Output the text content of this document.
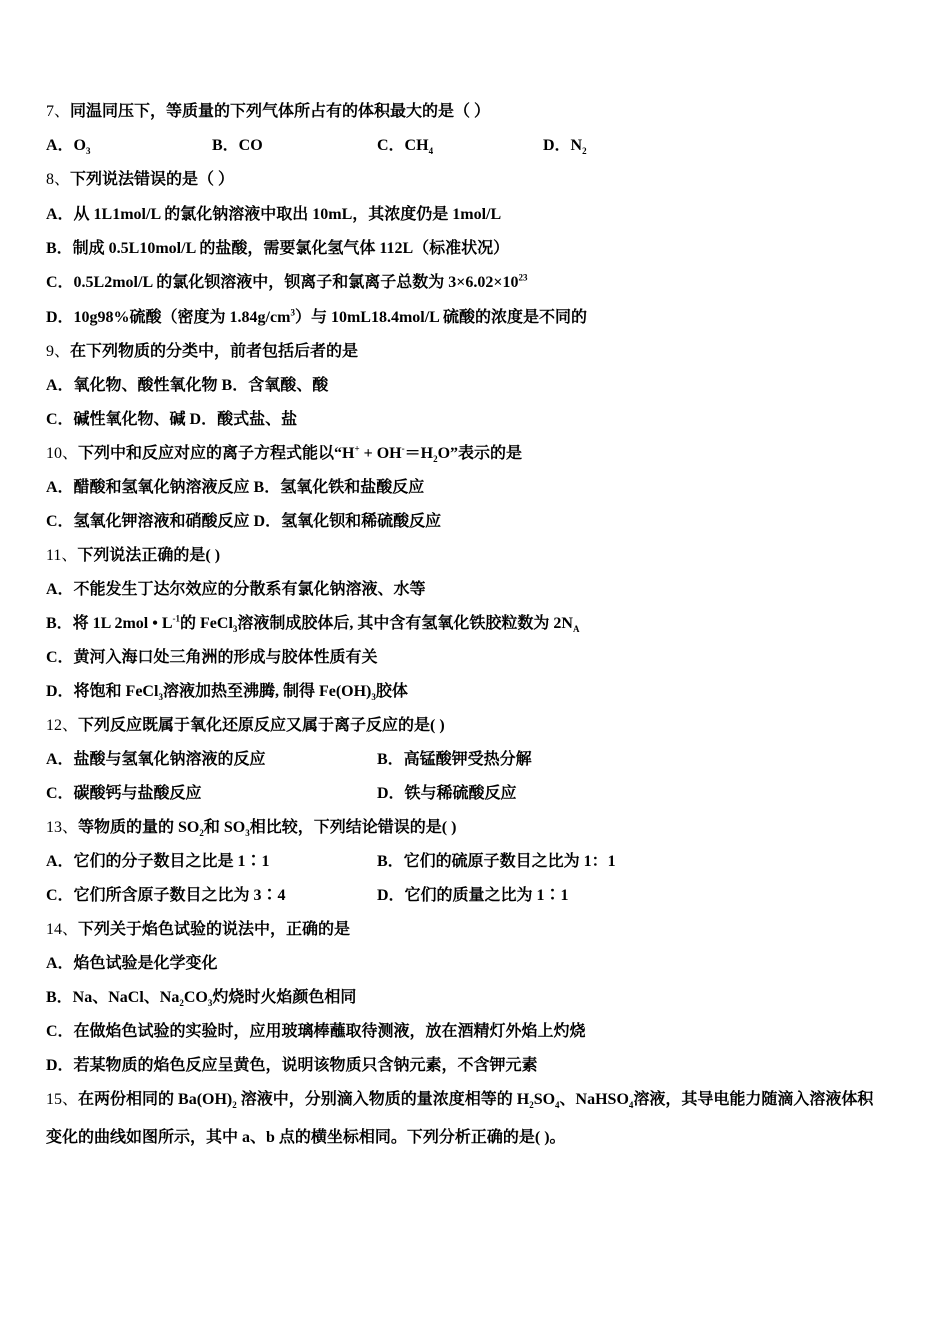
7、同温同压下，等质量的下列气体所占有的体积最大的是（ ）
A．$O_3$	B．CO	C．$CH_4$	D．$N_2$
8、下列说法错误的是（ ）
A．从 1L1mol/L 的氯化钠溶液中取出 10mL，其浓度仍是 1mol/L
B．制成 0.5L10mol/L 的盐酸，需要氯化氢气体 112L（标准状况）
C．0.5L2mol/L 的氯化钡溶液中，钡离子和氯离子总数为 $3\times 6.02\times 10^{23}$
D．10g98%硫酸（密度为 $1.84g/cm^3$）与 10mL18.4mol/L 硫酸的浓度是不同的
9、在下列物质的分类中，前者包括后者的是
A．氧化物、酸性氧化物 B．含氧酸、酸
C．碱性氧化物、碱 D．酸式盐、盐
10、下列中和反应对应的离子方程式能以“$H^+ + OH^-=H_2O$”表示的是
A．醋酸和氢氧化钠溶液反应 B．氢氧化铁和盐酸反应
C．氢氧化钾溶液和硝酸反应 D．氢氧化钡和稀硫酸反应
11、下列说法正确的是( )
A．不能发生丁达尔效应的分散系有氯化钠溶液、水等
B．将 1L 2mol • $L^{-1}$的 FeCl$_3$溶液制成胶体后, 其中含有氢氧化铁胶粒数为 $2N_A$
C．黄河入海口处三角洲的形成与胶体性质有关
D．将饱和 FeCl$_3$溶液加热至沸腾, 制得 $Fe(OH)_3$胶体
12、下列反应既属于氧化还原反应又属于离子反应的是( )
A．盐酸与氢氧化钠溶液的反应	B．高锰酸钾受热分解
C．碳酸钙与盐酸反应	D．铁与稀硫酸反应
13、等物质的量的 $SO_2$和 $SO_3$相比较，下列结论错误的是( )
A．它们的分子数目之比是 1∶1	B．它们的硫原子数目之比为 1：1
C．它们所含原子数目之比为 3∶4	D．它们的质量之比为 1∶1
14、下列关于焰色试验的说法中，正确的是
A．焰色试验是化学变化
B．Na、NaCl、$Na_2CO_3$灼烧时火焰颜色相同
C．在做焰色试验的实验时，应用玻璃棒蘸取待测液，放在酒精灯外焰上灼烧
D．若某物质的焰色反应呈黄色，说明该物质只含钠元素，不含钾元素
15、在两份相同的 $Ba(OH)_2$ 溶液中，分别滴入物质的量浓度相等的 $H_2SO_4$、NaHSO$_4$溶液，其导电能力随滴入溶液体积
变化的曲线如图所示，其中 a、b 点的横坐标相同。下列分析正确的是( )。
